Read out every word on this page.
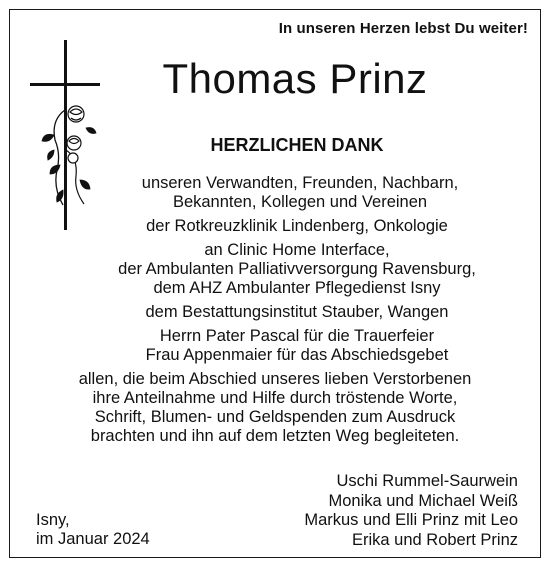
In unseren Herzen lebst Du weiter!

Thomas Prinz
HERZLICHEN DANK

unseren Verwandten, Freunden, Nachbarn,
Bekannten, Kollegen und Vereinen

der Rotkreuzklinik Lindenberg, Onkologie

an Clinic Home Interface,
der Ambulanten Palliativversorgung Ravensburg,
dem AHZ Ambulanter Pflegedienst Isny

dem Bestattungsinstitut Stauber, Wangen

Herrn Pater Pascal für die Trauerfeier
Frau Appenmaier für das Abschiedsgebet

allen, die beim Abschied unseres lieben Verstorbenen
ihre Anteilnahme und Hilfe durch tröstende Worte,
Schrift, Blumen- und Geldspenden zum Ausdruck
brachten und ihn auf dem letzten Weg begleiteten.

Isny,
im Januar 2024
Uschi Rummel-Saurwein
Monika und Michael Weiß
Markus und Elli Prinz mit Leo
Erika und Robert Prinz
